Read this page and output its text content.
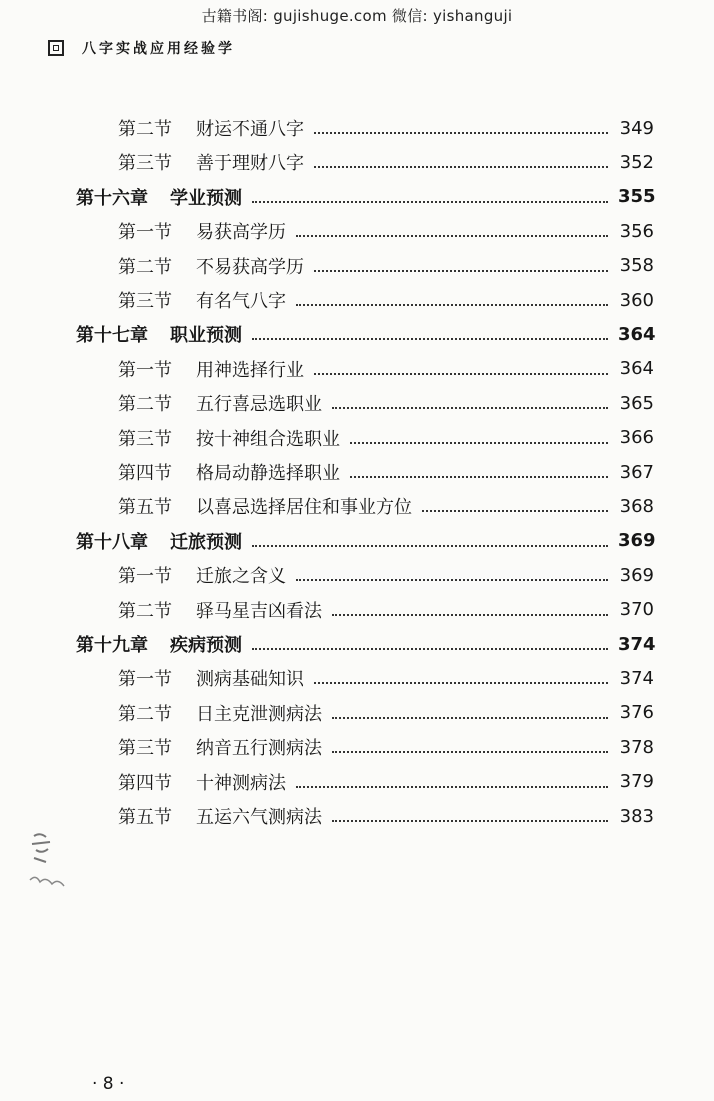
古籍书阁: gujishuge.com 微信: yishanguji
八字实战应用经验学
第二节 财运不通八字	349
第三节 善于理财八字	352
第十六章 学业预测	355
第一节 易获高学历	356
第二节 不易获高学历	358
第三节 有名气八字	360
第十七章 职业预测	364
第一节 用神选择行业	364
第二节 五行喜忌选职业	365
第三节 按十神组合选职业	366
第四节 格局动静选择职业	367
第五节 以喜忌选择居住和事业方位	368
第十八章 迁旅预测	369
第一节 迁旅之含义	369
第二节 驿马星吉凶看法	370
第十九章 疾病预测	374
第一节 测病基础知识	374
第二节 日主克泄测病法	376
第三节 纳音五行测病法	378
第四节 十神测病法	379
第五节 五运六气测病法	383
· 8 ·
